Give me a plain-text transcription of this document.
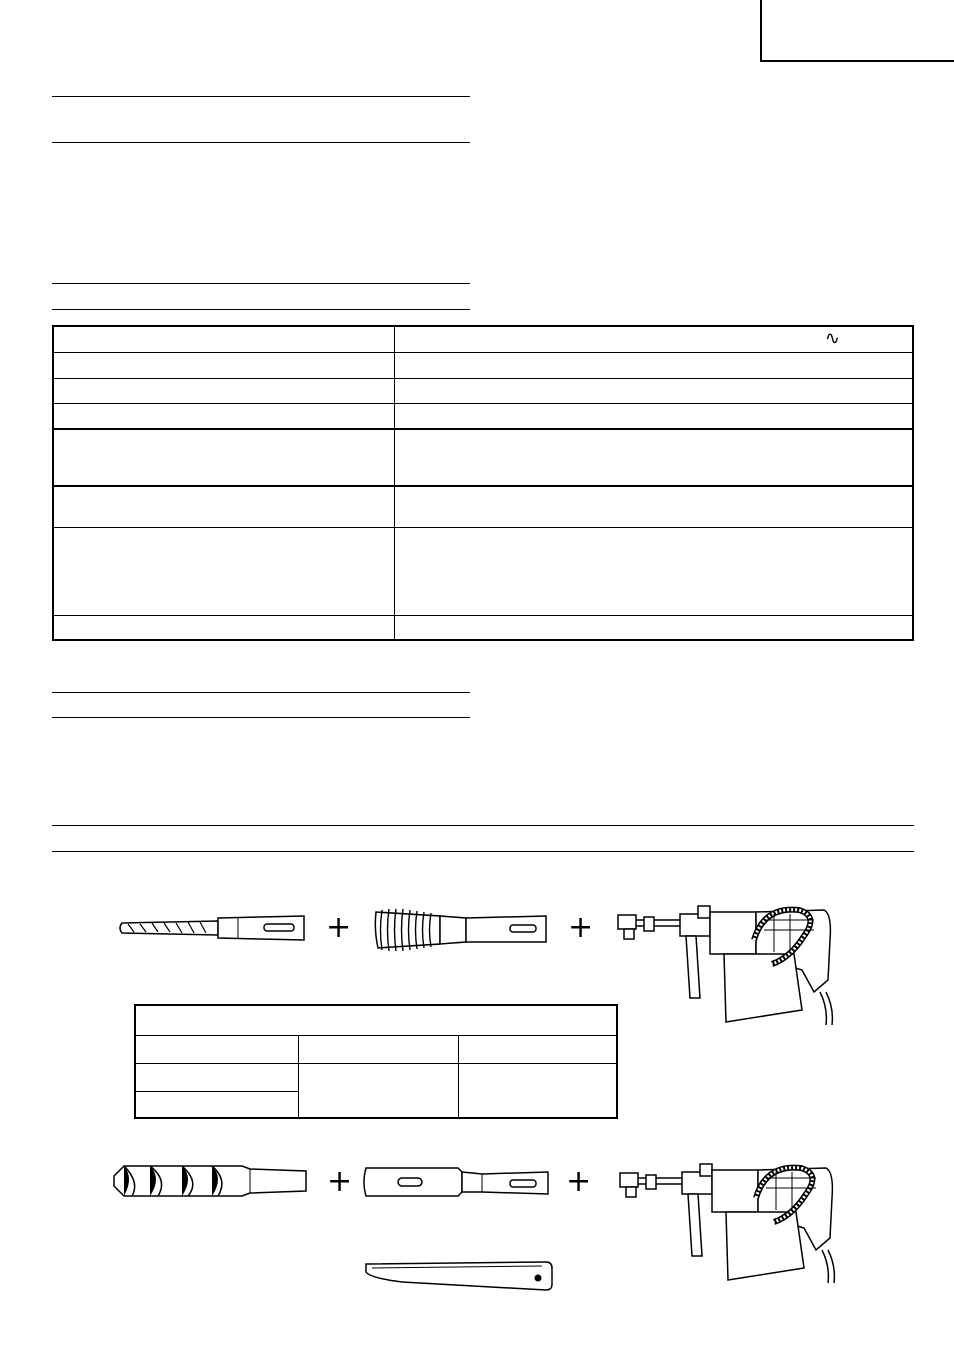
∿
+	+
+	+
